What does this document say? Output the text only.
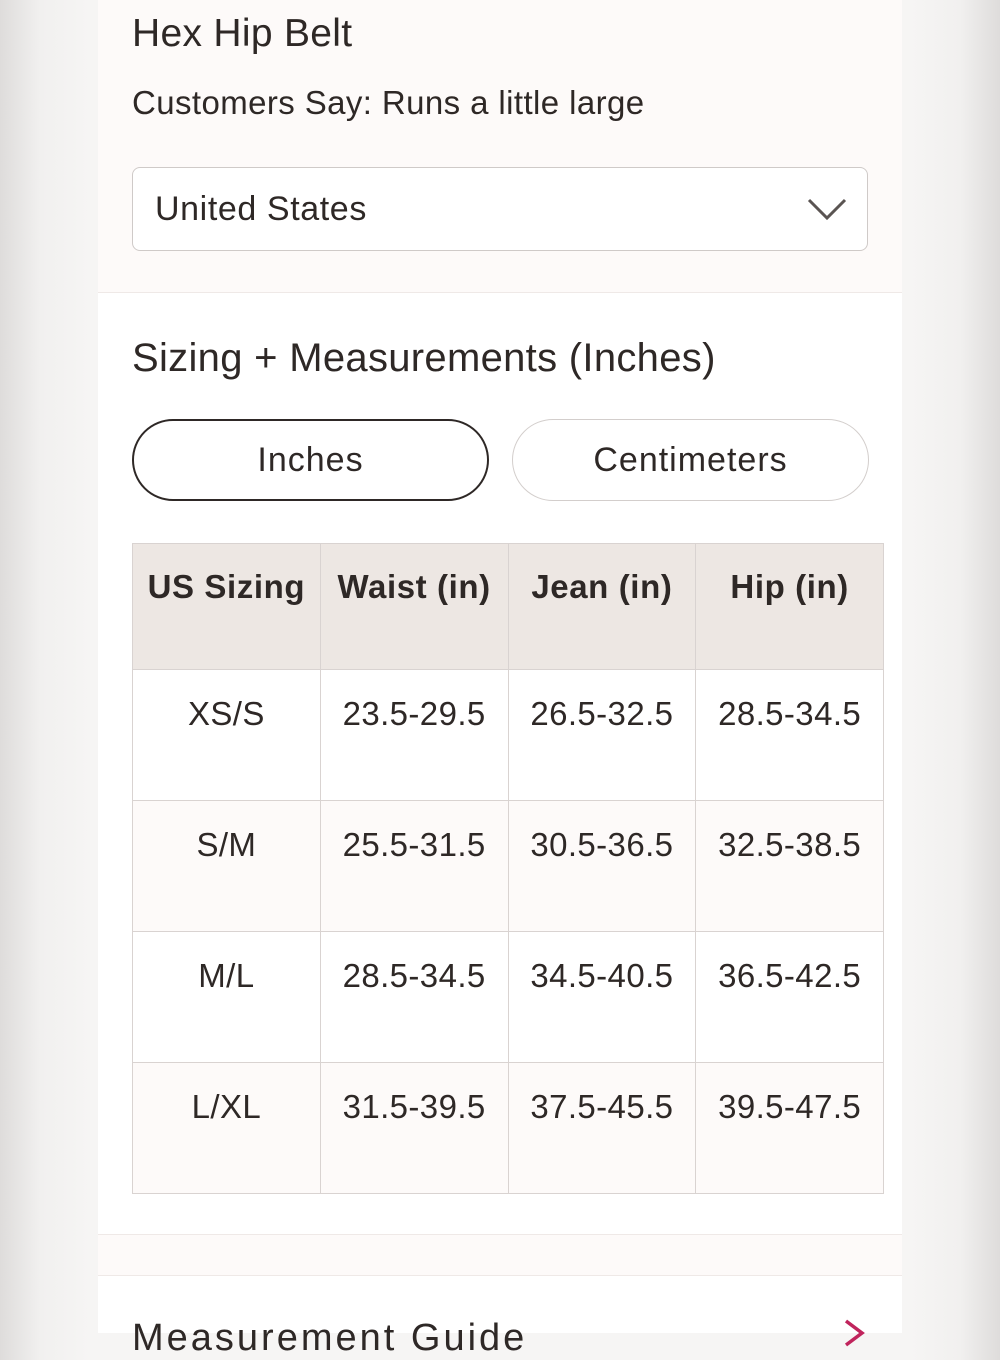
Hex Hip Belt
Customers Say: Runs a little large
United States
Sizing + Measurements (Inches)
Inches	Centimeters
US Sizing	Waist (in)	Jean (in)	Hip (in)
XS/S	23.5-29.5	26.5-32.5	28.5-34.5
S/M	25.5-31.5	30.5-36.5	32.5-38.5
M/L	28.5-34.5	34.5-40.5	36.5-42.5
L/XL	31.5-39.5	37.5-45.5	39.5-47.5
Measurement Guide
